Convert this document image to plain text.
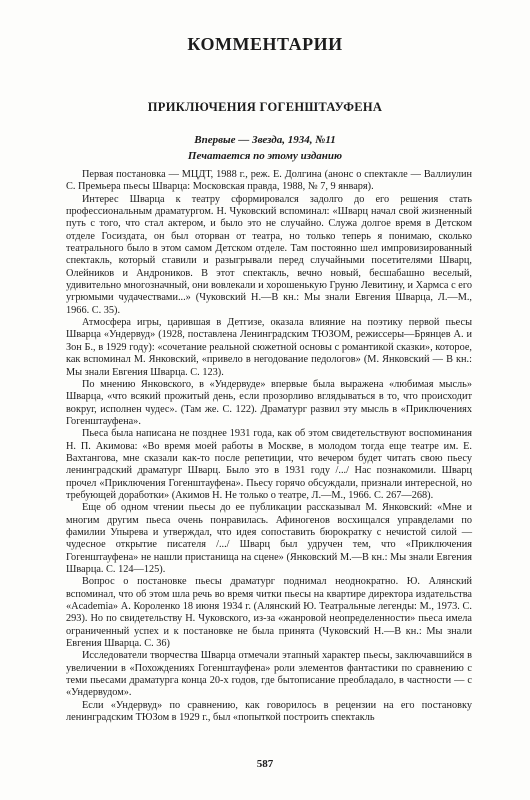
КОММЕНТАРИИ
ПРИКЛЮЧЕНИЯ ГОГЕНШТАУФЕНА
Впервые — Звезда, 1934, №11
Печатается по этому изданию

Первая постановка — МЦДТ, 1988 г., реж. Е. Долгина (анонс о спектакле — Валлиулин С. Премьера пьесы Шварца: Московская правда, 1988, № 7, 9 января).

Интерес Шварца к театру сформировался задолго до его решения стать профессиональным драматургом. Н. Чуковский вспоминал: «Шварц начал свой жизненный путь с того, что стал актером, и было это не случайно. Служа долгое время в Детском отделе Госиздата, он был оторван от театра, но только теперь я понимаю, сколько театрального было в этом самом Детском отделе. Там постоянно шел импровизированный спектакль, который ставили и разыгрывали перед случайными посетителями Шварц, Олейников и Андроников. В этот спектакль, вечно новый, бесшабашно веселый, удивительно многозначный, они вовлекали и хорошенькую Груню Левитину, и Хармса с его угрюмыми чудачествами...» (Чуковский Н.—В кн.: Мы знали Евгения Шварца, Л.—М., 1966. С. 35).

Атмосфера игры, царившая в Детгизе, оказала влияние на поэтику первой пьесы Шварца «Ундервуд» (1928, поставлена Ленинградским ТЮЗОМ, режиссеры—Брянцев А. и Зон Б., в 1929 году): «сочетание реальной сюжетной основы с романтикой сказки», которое, как вспоминал М. Янковский, «привело в негодование педологов» (М. Янковский — В кн.: Мы знали Евгения Шварца. С. 123).

По мнению Янковского, в «Ундервуде» впервые была выражена «любимая мысль» Шварца, «что всякий прожитый день, если прозорливо вглядываться в то, что происходит вокруг, исполнен чудес». (Там же. С. 122). Драматург развил эту мысль в «Приключениях Гогенштауфена».

Пьеса была написана не позднее 1931 года, как об этом свидетельствуют воспоминания Н. П. Акимова: «Во время моей работы в Москве, в молодом тогда еще театре им. Е. Вахтангова, мне сказали как-то после репетиции, что вечером будет читать свою пьесу ленинградский драматург Шварц. Было это в 1931 году /.../ Нас познакомили. Шварц прочел «Приключения Гогенштауфена». Пьесу горячо обсуждали, признали интересной, но требующей доработки» (Акимов Н. Не только о театре, Л.—М., 1966. С. 267—268).

Еще об одном чтении пьесы до ее публикации рассказывал М. Янковский: «Мне и многим другим пьеса очень понравилась. Афиногенов восхищался управделами по фамилии Упырева и утверждал, что идея сопоставить бюрократку с нечистой силой — чудесное открытие писателя /.../ Шварц был удручен тем, что «Приключения Гогенштауфена» не нашли пристанища на сцене» (Янковский М.—В кн.: Мы знали Евгения Шварца. С. 124—125).

Вопрос о постановке пьесы драматург поднимал неоднократно. Ю. Алянский вспоминал, что об этом шла речь во время читки пьесы на квартире директора издательства «Academia» А. Короленко 18 июня 1934 г. (Алянский Ю. Театральные легенды: М., 1973. С. 293). Но по свидетельству Н. Чуковского, из-за «жанровой неопределенности» пьеса имела ограниченный успех и к постановке не была принята (Чуковский Н.—В кн.: Мы знали Евгения Шварца. С. 36)

Исследователи творчества Шварца отмечали этапный характер пьесы, заключавшийся в увеличении в «Похождениях Гогенштауфена» роли элементов фантастики по сравнению с теми пьесами драматурга конца 20-х годов, где бытописание преобладало, в частности — с «Ундервудом».

Если «Ундервуд» по сравнению, как говорилось в рецензии на его постановку ленинградским ТЮЗом в 1929 г., был «попыткой построить спектакль

587
